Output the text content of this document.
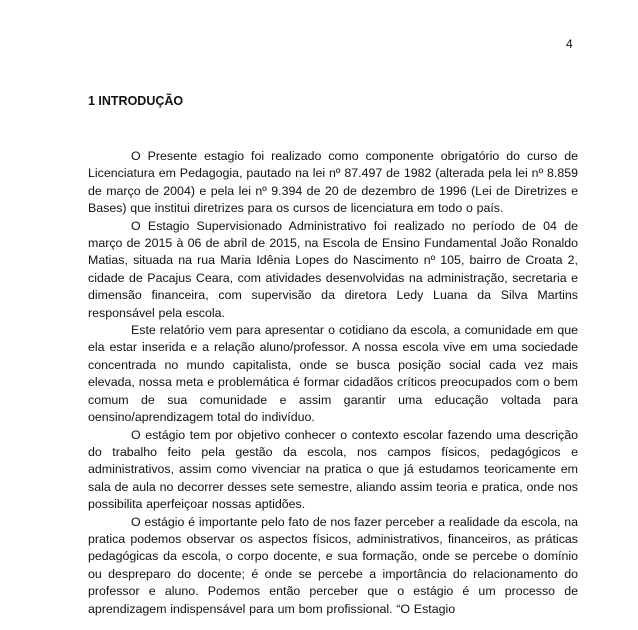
4
1 INTRODUÇÃO

O Presente estagio foi realizado como componente obrigatório do curso de Licenciatura em Pedagogia, pautado na lei nº 87.497 de 1982 (alterada pela lei nº 8.859 de março de 2004) e pela lei nº 9.394 de 20 de dezembro de 1996 (Lei de Diretrizes e Bases) que institui diretrizes para os cursos de licenciatura em todo o país.

O Estagio Supervisionado Administrativo foi realizado no período de 04 de março de 2015 à 06 de abril de 2015, na Escola de Ensino Fundamental João Ronaldo Matias, situada na rua Maria Idênia Lopes do Nascimento nº 105, bairro de Croata 2, cidade de Pacajus Ceara, com atividades desenvolvidas na administração, secretaria e dimensão financeira, com supervisão da diretora Ledy Luana da Silva Martins responsável pela escola.

Este relatório vem para apresentar o cotidiano da escola, a comunidade em que ela estar inserida e a relação aluno/professor. A nossa escola vive em uma sociedade concentrada no mundo capitalista, onde se busca posição social cada vez mais elevada, nossa meta e problemática é formar cidadãos críticos preocupados com o bem comum de sua comunidade e assim garantir uma educação voltada para oensino/aprendizagem total do indivíduo.

O estágio tem por objetivo conhecer o contexto escolar fazendo uma descrição do trabalho feito pela gestão da escola, nos campos físicos, pedagógicos e administrativos, assim como vivenciar na pratica o que já estudamos teoricamente em sala de aula no decorrer desses sete semestre, aliando assim teoria e pratica, onde nos possibilita aperfeiçoar nossas aptidões.

O estágio é importante pelo fato de nos fazer perceber a realidade da escola, na pratica podemos observar os aspectos físicos, administrativos, financeiros, as práticas pedagógicas da escola, o corpo docente, e sua formação, onde se percebe o domínio ou despreparo do docente; é onde se percebe a importância do relacionamento do professor e aluno. Podemos então perceber que o estágio é um processo de aprendizagem indispensável para um bom profissional. “O Estagio
